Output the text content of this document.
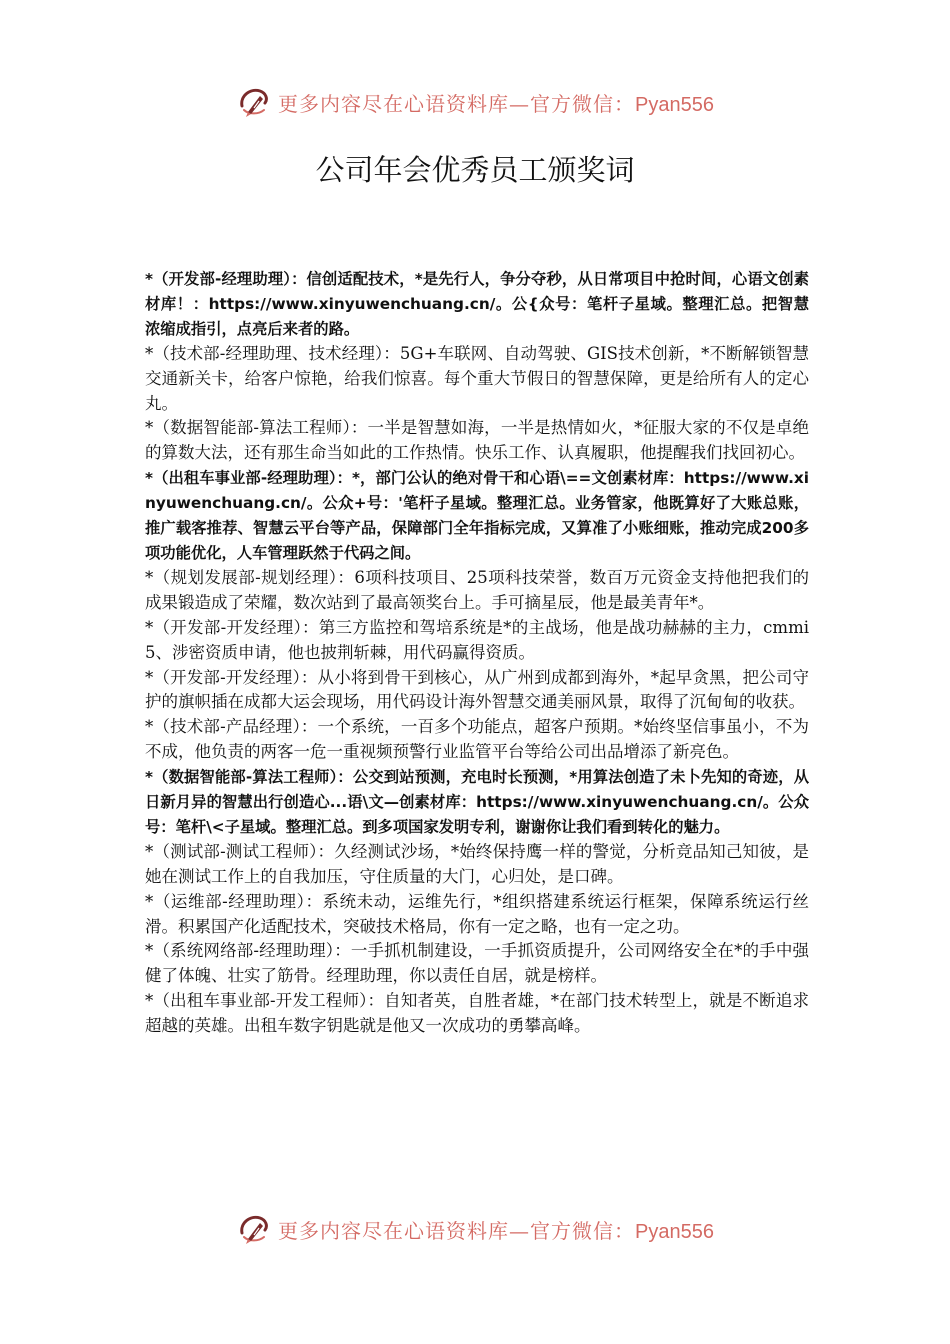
更多内容尽在心语资料库—官方微信：Pyan556
公司年会优秀员工颁奖词

*（开发部-经理助理）：信创适配技术，*是先行人，争分夺秒，从日常项目中抢时间，心语文创素材库！：https://www.xinyuwenchuang.cn/。公{众号：笔杆子星域。整理汇总。把智慧浓缩成指引，点亮后来者的路。

*（技术部-经理助理、技术经理）：5G+车联网、自动驾驶、GIS技术创新，*不断解锁智慧交通新关卡，给客户惊艳，给我们惊喜。每个重大节假日的智慧保障，更是给所有人的定心丸。

*（数据智能部-算法工程师）：一半是智慧如海，一半是热情如火，*征服大家的不仅是卓绝的算数大法，还有那生命当如此的工作热情。快乐工作、认真履职，他提醒我们找回初心。

*（出租车事业部-经理助理）：*，部门公认的绝对骨干和心语\==文创素材库：https://www.xinyuwenchuang.cn/。公众+号：'笔杆子星域。整理汇总。业务管家，他既算好了大账总账，推广载客推荐、智慧云平台等产品，保障部门全年指标完成，又算准了小账细账，推动完成200多项功能优化，人车管理跃然于代码之间。

*（规划发展部-规划经理）：6项科技项目、25项科技荣誉，数百万元资金支持他把我们的成果锻造成了荣耀，数次站到了最高领奖台上。手可摘星辰，他是最美青年*。

*（开发部-开发经理）：第三方监控和驾培系统是*的主战场，他是战功赫赫的主力，cmmi5、涉密资质申请，他也披荆斩棘，用代码赢得资质。

*（开发部-开发经理）：从小将到骨干到核心，从广州到成都到海外，*起早贪黑，把公司守护的旗帜插在成都大运会现场，用代码设计海外智慧交通美丽风景，取得了沉甸甸的收获。

*（技术部-产品经理）：一个系统，一百多个功能点，超客户预期。*始终坚信事虽小，不为不成，他负责的两客一危一重视频预警行业监管平台等给公司出品增添了新亮色。

*（数据智能部-算法工程师）：公交到站预测，充电时长预测，*用算法创造了未卜先知的奇迹，从日新月异的智慧出行创造心...语\文—创素材库：https://www.xinyuwenchuang.cn/。公众号：笔杆\<子星域。整理汇总。到多项国家发明专利，谢谢你让我们看到转化的魅力。

*（测试部-测试工程师）：久经测试沙场，*始终保持鹰一样的警觉，分析竞品知己知彼，是她在测试工作上的自我加压，守住质量的大门，心归处，是口碑。

*（运维部-经理助理）：系统未动，运维先行，*组织搭建系统运行框架，保障系统运行丝滑。积累国产化适配技术，突破技术格局，你有一定之略，也有一定之功。

*（系统网络部-经理助理）：一手抓机制建设，一手抓资质提升，公司网络安全在*的手中强健了体魄、壮实了筋骨。经理助理，你以责任自居，就是榜样。

*（出租车事业部-开发工程师）：自知者英，自胜者雄，*在部门技术转型上，就是不断追求超越的英雄。出租车数字钥匙就是他又一次成功的勇攀高峰。

更多内容尽在心语资料库—官方微信：Pyan556
